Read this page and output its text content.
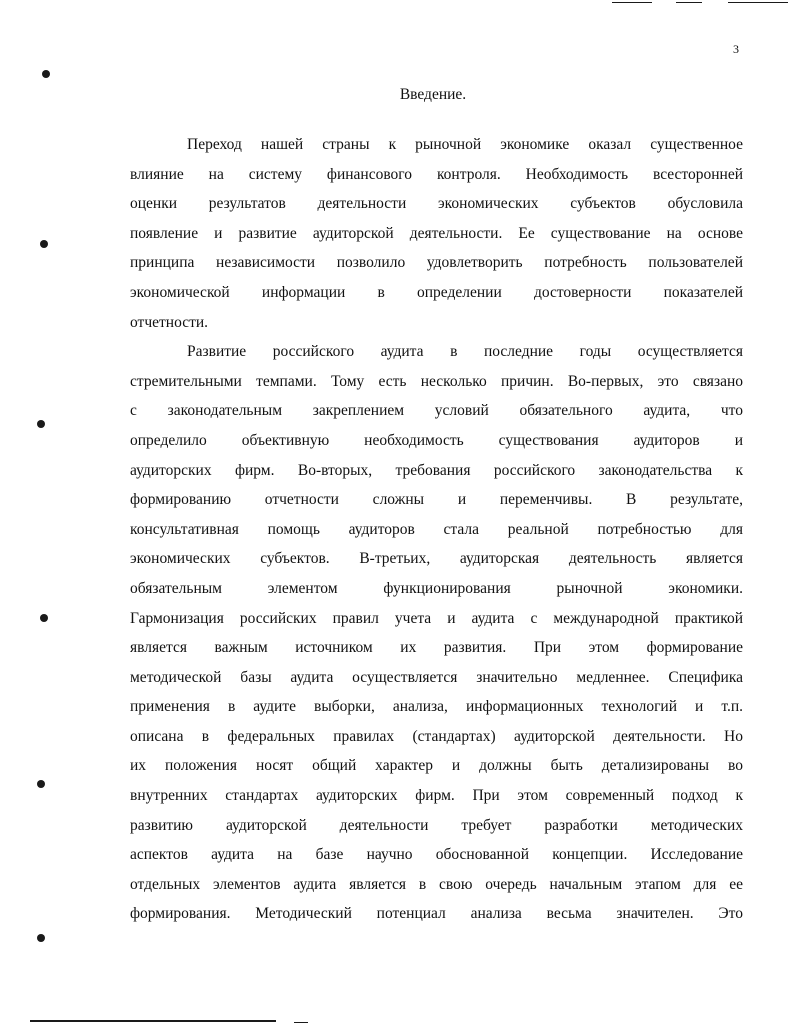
3
Введение.
Переход нашей страны к рыночной экономике оказал существенное
влияние на систему финансового контроля. Необходимость всесторонней
оценки результатов деятельности экономических субъектов обусловила
появление и развитие аудиторской деятельности. Ее существование на основе
принципа независимости позволило удовлетворить потребность пользователей
экономической информации в определении достоверности показателей
отчетности.
Развитие российского аудита в последние годы осуществляется
стремительными темпами. Тому есть несколько причин. Во-первых, это связано
с законодательным закреплением условий обязательного аудита, что
определило объективную необходимость существования аудиторов и
аудиторских фирм. Во-вторых, требования российского законодательства к
формированию отчетности сложны и переменчивы. В результате,
консультативная помощь аудиторов стала реальной потребностью для
экономических субъектов. В-третьих, аудиторская деятельность является
обязательным элементом функционирования рыночной экономики.
Гармонизация российских правил учета и аудита с международной практикой
является важным источником их развития. При этом формирование
методической базы аудита осуществляется значительно медленнее. Специфика
применения в аудите выборки, анализа, информационных технологий и т.п.
описана в федеральных правилах (стандартах) аудиторской деятельности. Но
их положения носят общий характер и должны быть детализированы во
внутренних стандартах аудиторских фирм. При этом современный подход к
развитию аудиторской деятельности требует разработки методических
аспектов аудита на базе научно обоснованной концепции. Исследование
отдельных элементов аудита является в свою очередь начальным этапом для ее
формирования. Методический потенциал анализа весьма значителен. Это
